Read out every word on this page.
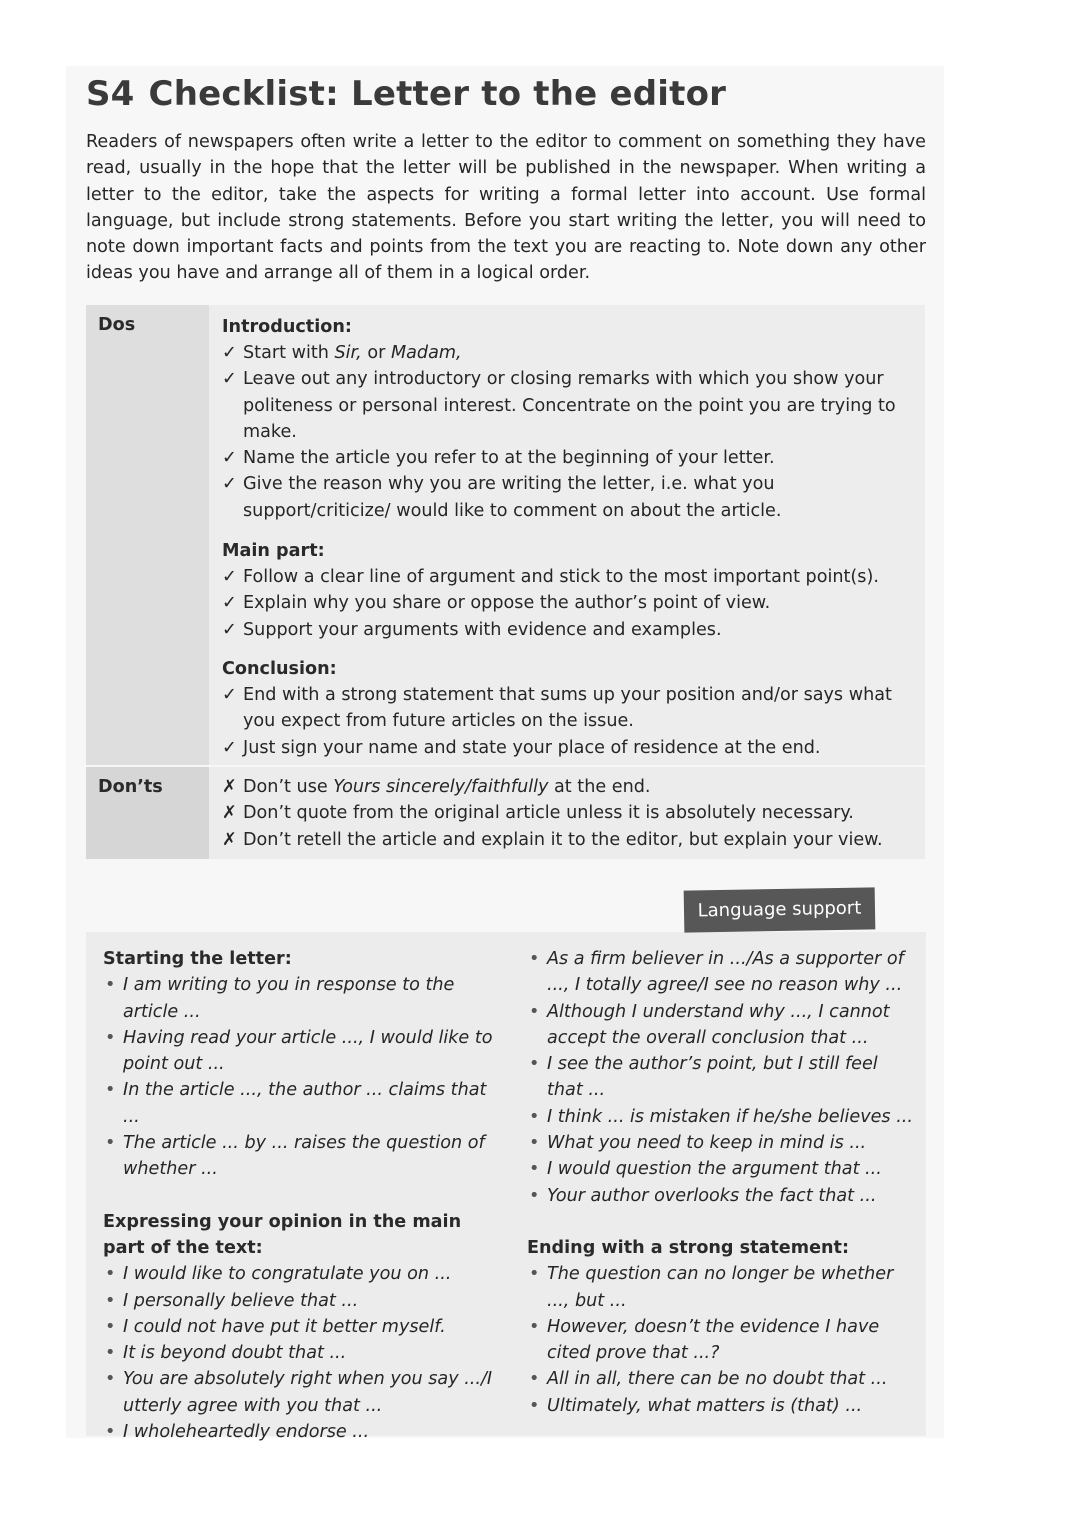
S4 Checklist: Letter to the editor

Readers of newspapers often write a letter to the editor to comment on something they have read, usually in the hope that the letter will be published in the newspaper. When writing a letter to the editor, take the aspects for writing a formal letter into account. Use formal language, but include strong statements. Before you start writing the letter, you will need to note down important facts and points from the text you are reacting to. Note down any other ideas you have and arrange all of them in a logical order.

Dos
Don’ts
Introduction:
✓ Start with Sir, or Madam,
✓ Leave out any introductory or closing remarks with which you show your politeness or personal interest. Concentrate on the point you are trying to make.
✓ Name the article you refer to at the beginning of your letter.
✓ Give the reason why you are writing the letter, i.e. what you support/criticize/ would like to comment on about the article.
Main part:
✓ Follow a clear line of argument and stick to the most important point(s).
✓ Explain why you share or oppose the author’s point of view.
✓ Support your arguments with evidence and examples.
Conclusion:
✓ End with a strong statement that sums up your position and/or says what you expect from future articles on the issue.
✓ Just sign your name and state your place of residence at the end.
✗ Don’t use Yours sincerely/faithfully at the end.
✗ Don’t quote from the original article unless it is absolutely necessary.
✗ Don’t retell the article and explain it to the editor, but explain your view.
Language support
Starting the letter:
• I am writing to you in response to the article ...
• Having read your article ..., I would like to point out ...
• In the article ..., the author ... claims that ...
• The article ... by ... raises the question of whether ...
Expressing your opinion in the main part of the text:
• I would like to congratulate you on ...
• I personally believe that ...
• I could not have put it better myself.
• It is beyond doubt that ...
• You are absolutely right when you say .../I utterly agree with you that ...
• I wholeheartedly endorse ...
• As a firm believer in .../As a supporter of ..., I totally agree/I see no reason why ...
• Although I understand why ..., I cannot accept the overall conclusion that ...
• I see the author’s point, but I still feel that ...
• I think ... is mistaken if he/she believes ...
• What you need to keep in mind is ...
• I would question the argument that ...
• Your author overlooks the fact that ...
Ending with a strong statement:
• The question can no longer be whether ..., but ...
• However, doesn’t the evidence I have cited prove that ...?
• All in all, there can be no doubt that ...
• Ultimately, what matters is (that) ...
